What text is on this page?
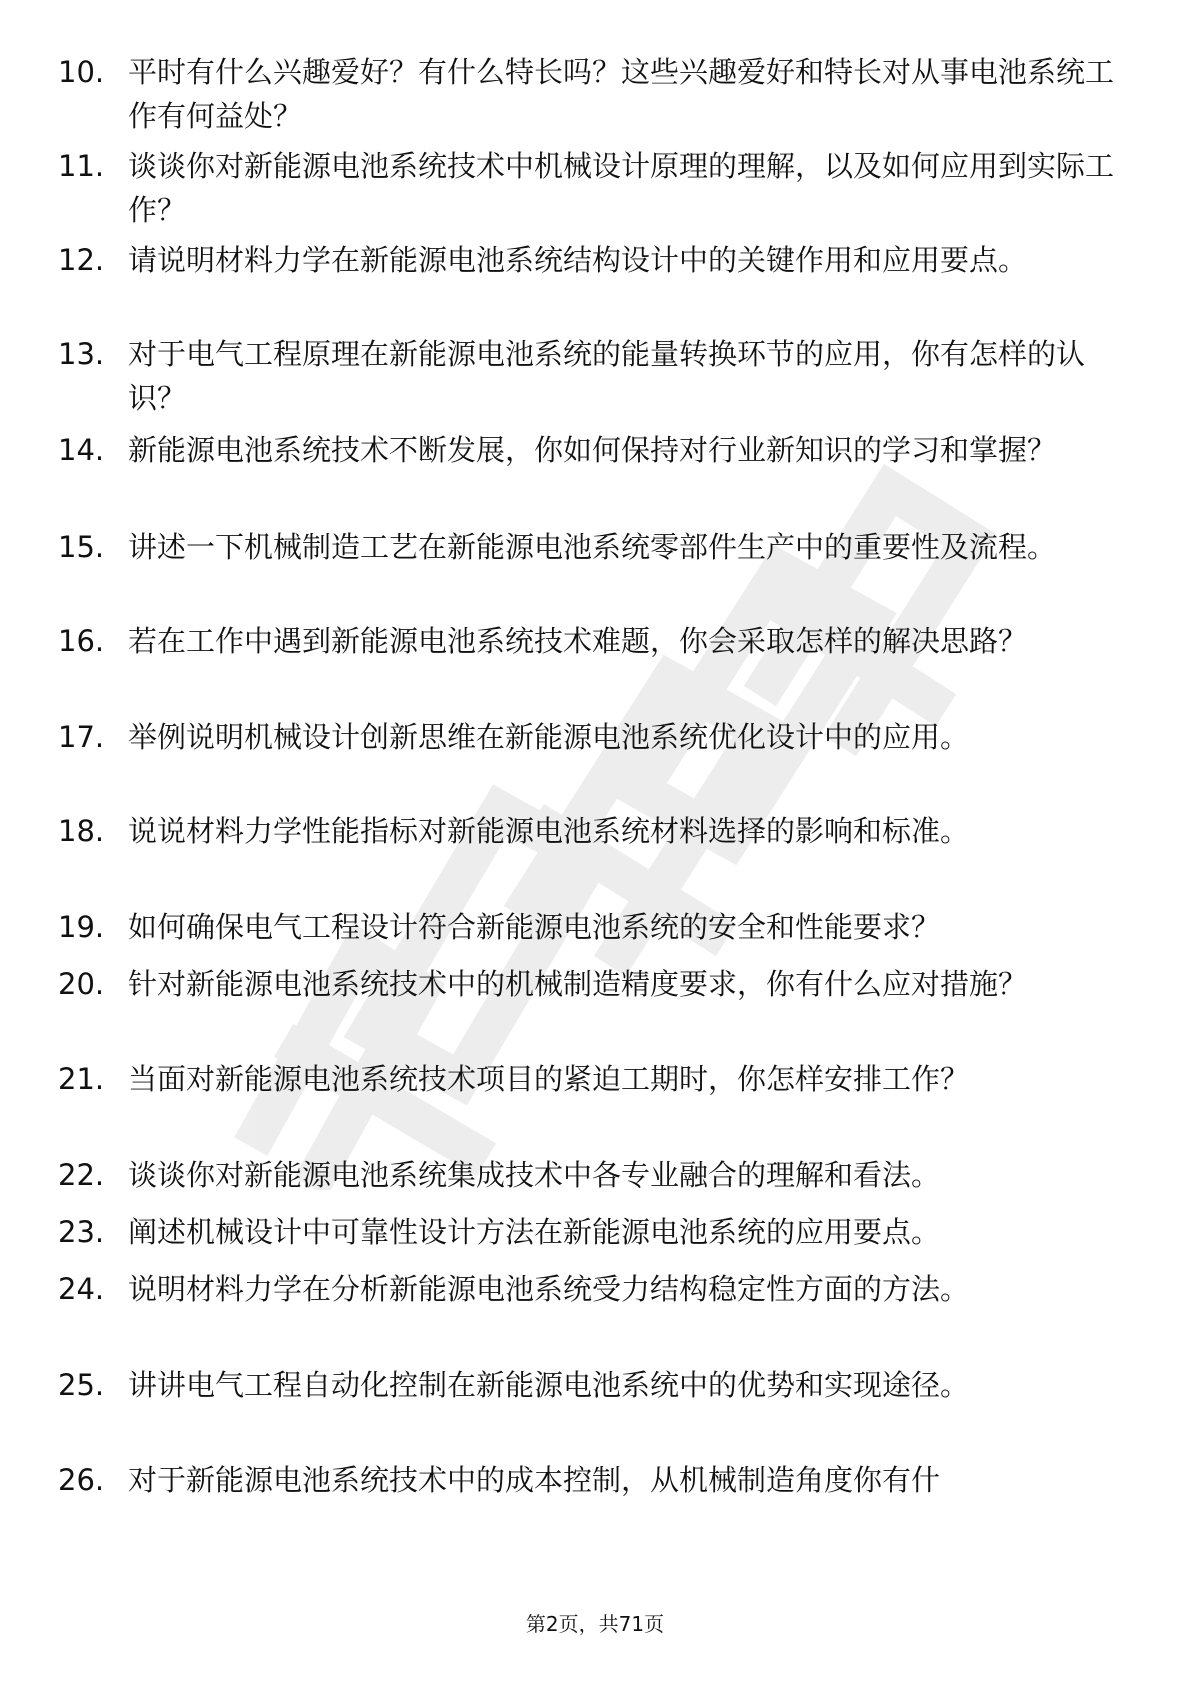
10. 平时有什么兴趣爱好？有什么特长吗？这些兴趣爱好和特长对从事电池系统工作有何益处？
11. 谈谈你对新能源电池系统技术中机械设计原理的理解，以及如何应用到实际工作？
12. 请说明材料力学在新能源电池系统结构设计中的关键作用和应用要点。
13. 对于电气工程原理在新能源电池系统的能量转换环节的应用，你有怎样的认识？
14. 新能源电池系统技术不断发展，你如何保持对行业新知识的学习和掌握？
15. 讲述一下机械制造工艺在新能源电池系统零部件生产中的重要性及流程。
16. 若在工作中遇到新能源电池系统技术难题，你会采取怎样的解决思路？
17. 举例说明机械设计创新思维在新能源电池系统优化设计中的应用。
18. 说说材料力学性能指标对新能源电池系统材料选择的影响和标准。
19. 如何确保电气工程设计符合新能源电池系统的安全和性能要求？
20. 针对新能源电池系统技术中的机械制造精度要求，你有什么应对措施？
21. 当面对新能源电池系统技术项目的紧迫工期时，你怎样安排工作？
22. 谈谈你对新能源电池系统集成技术中各专业融合的理解和看法。
23. 阐述机械设计中可靠性设计方法在新能源电池系统的应用要点。
24. 说明材料力学在分析新能源电池系统受力结构稳定性方面的方法。
25. 讲讲电气工程自动化控制在新能源电池系统中的优势和实现途径。
26. 对于新能源电池系统技术中的成本控制，从机械制造角度你有什
第2页，共71页
